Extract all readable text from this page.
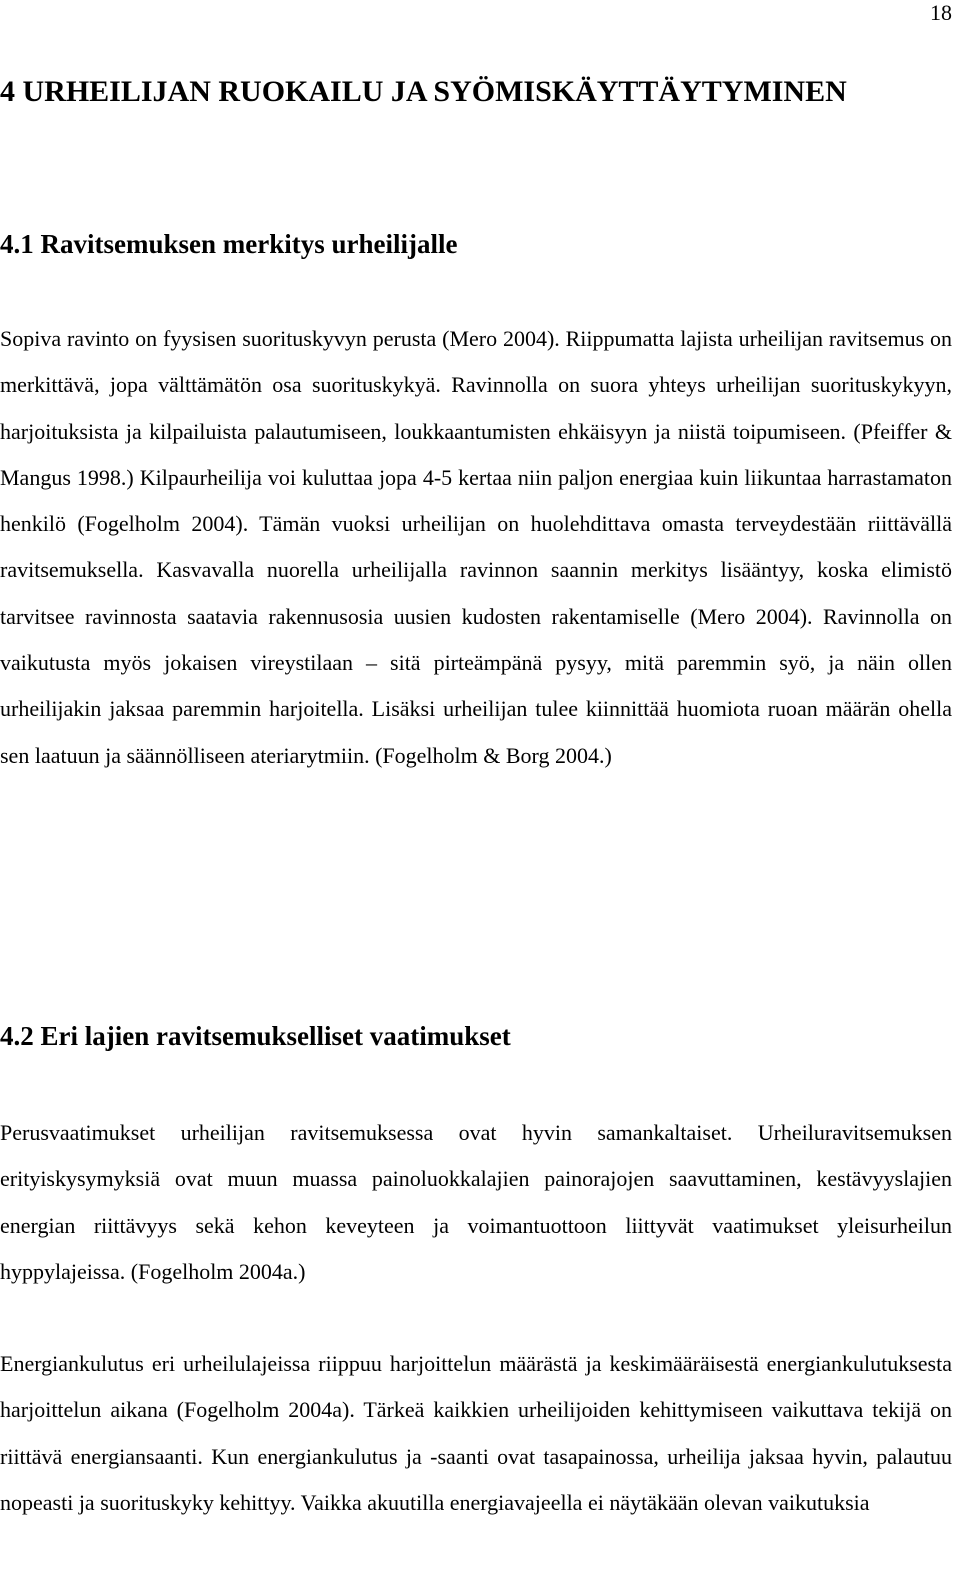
18
4 URHEILIJAN RUOKAILU JA SYÖMISKÄYTTÄYTYMINEN
4.1 Ravitsemuksen merkitys urheilijalle

Sopiva ravinto on fyysisen suorituskyvyn perusta (Mero 2004). Riippumatta lajista urheilijan ravitsemus on merkittävä, jopa välttämätön osa suorituskykyä. Ravinnolla on suora yhteys urheilijan suorituskykyyn, harjoituksista ja kilpailuista palautumiseen, loukkaantumisten ehkäisyyn ja niistä toipumiseen. (Pfeiffer & Mangus 1998.) Kilpaurheilija voi kuluttaa jopa 4-5 kertaa niin paljon energiaa kuin liikuntaa harrastamaton henkilö (Fogelholm 2004). Tämän vuoksi urheilijan on huolehdittava omasta terveydestään riittävällä ravitsemuksella. Kasvavalla nuorella urheilijalla ravinnon saannin merkitys lisääntyy, koska elimistö tarvitsee ravinnosta saatavia rakennusosia uusien kudosten rakentamiselle (Mero 2004). Ravinnolla on vaikutusta myös jokaisen vireystilaan – sitä pirteämpänä pysyy, mitä paremmin syö, ja näin ollen urheilijakin jaksaa paremmin harjoitella. Lisäksi urheilijan tulee kiinnittää huomiota ruoan määrän ohella sen laatuun ja säännölliseen ateriarytmiin. (Fogelholm & Borg 2004.)

4.2 Eri lajien ravitsemukselliset vaatimukset

Perusvaatimukset urheilijan ravitsemuksessa ovat hyvin samankaltaiset. Urheiluravitsemuksen erityiskysymyksiä ovat muun muassa painoluokkalajien painorajojen saavuttaminen, kestävyyslajien energian riittävyys sekä kehon keveyteen ja voimantuottoon liittyvät vaatimukset yleisurheilun hyppylajeissa. (Fogelholm 2004a.)

Energiankulutus eri urheilulajeissa riippuu harjoittelun määrästä ja keskimääräisestä energiankulutuksesta harjoittelun aikana (Fogelholm 2004a). Tärkeä kaikkien urheilijoiden kehittymiseen vaikuttava tekijä on riittävä energiansaanti. Kun energiankulutus ja -saanti ovat tasapainossa, urheilija jaksaa hyvin, palautuu nopeasti ja suorituskyky kehittyy. Vaikka akuutilla energiavajeella ei näytäkään olevan vaikutuksia
